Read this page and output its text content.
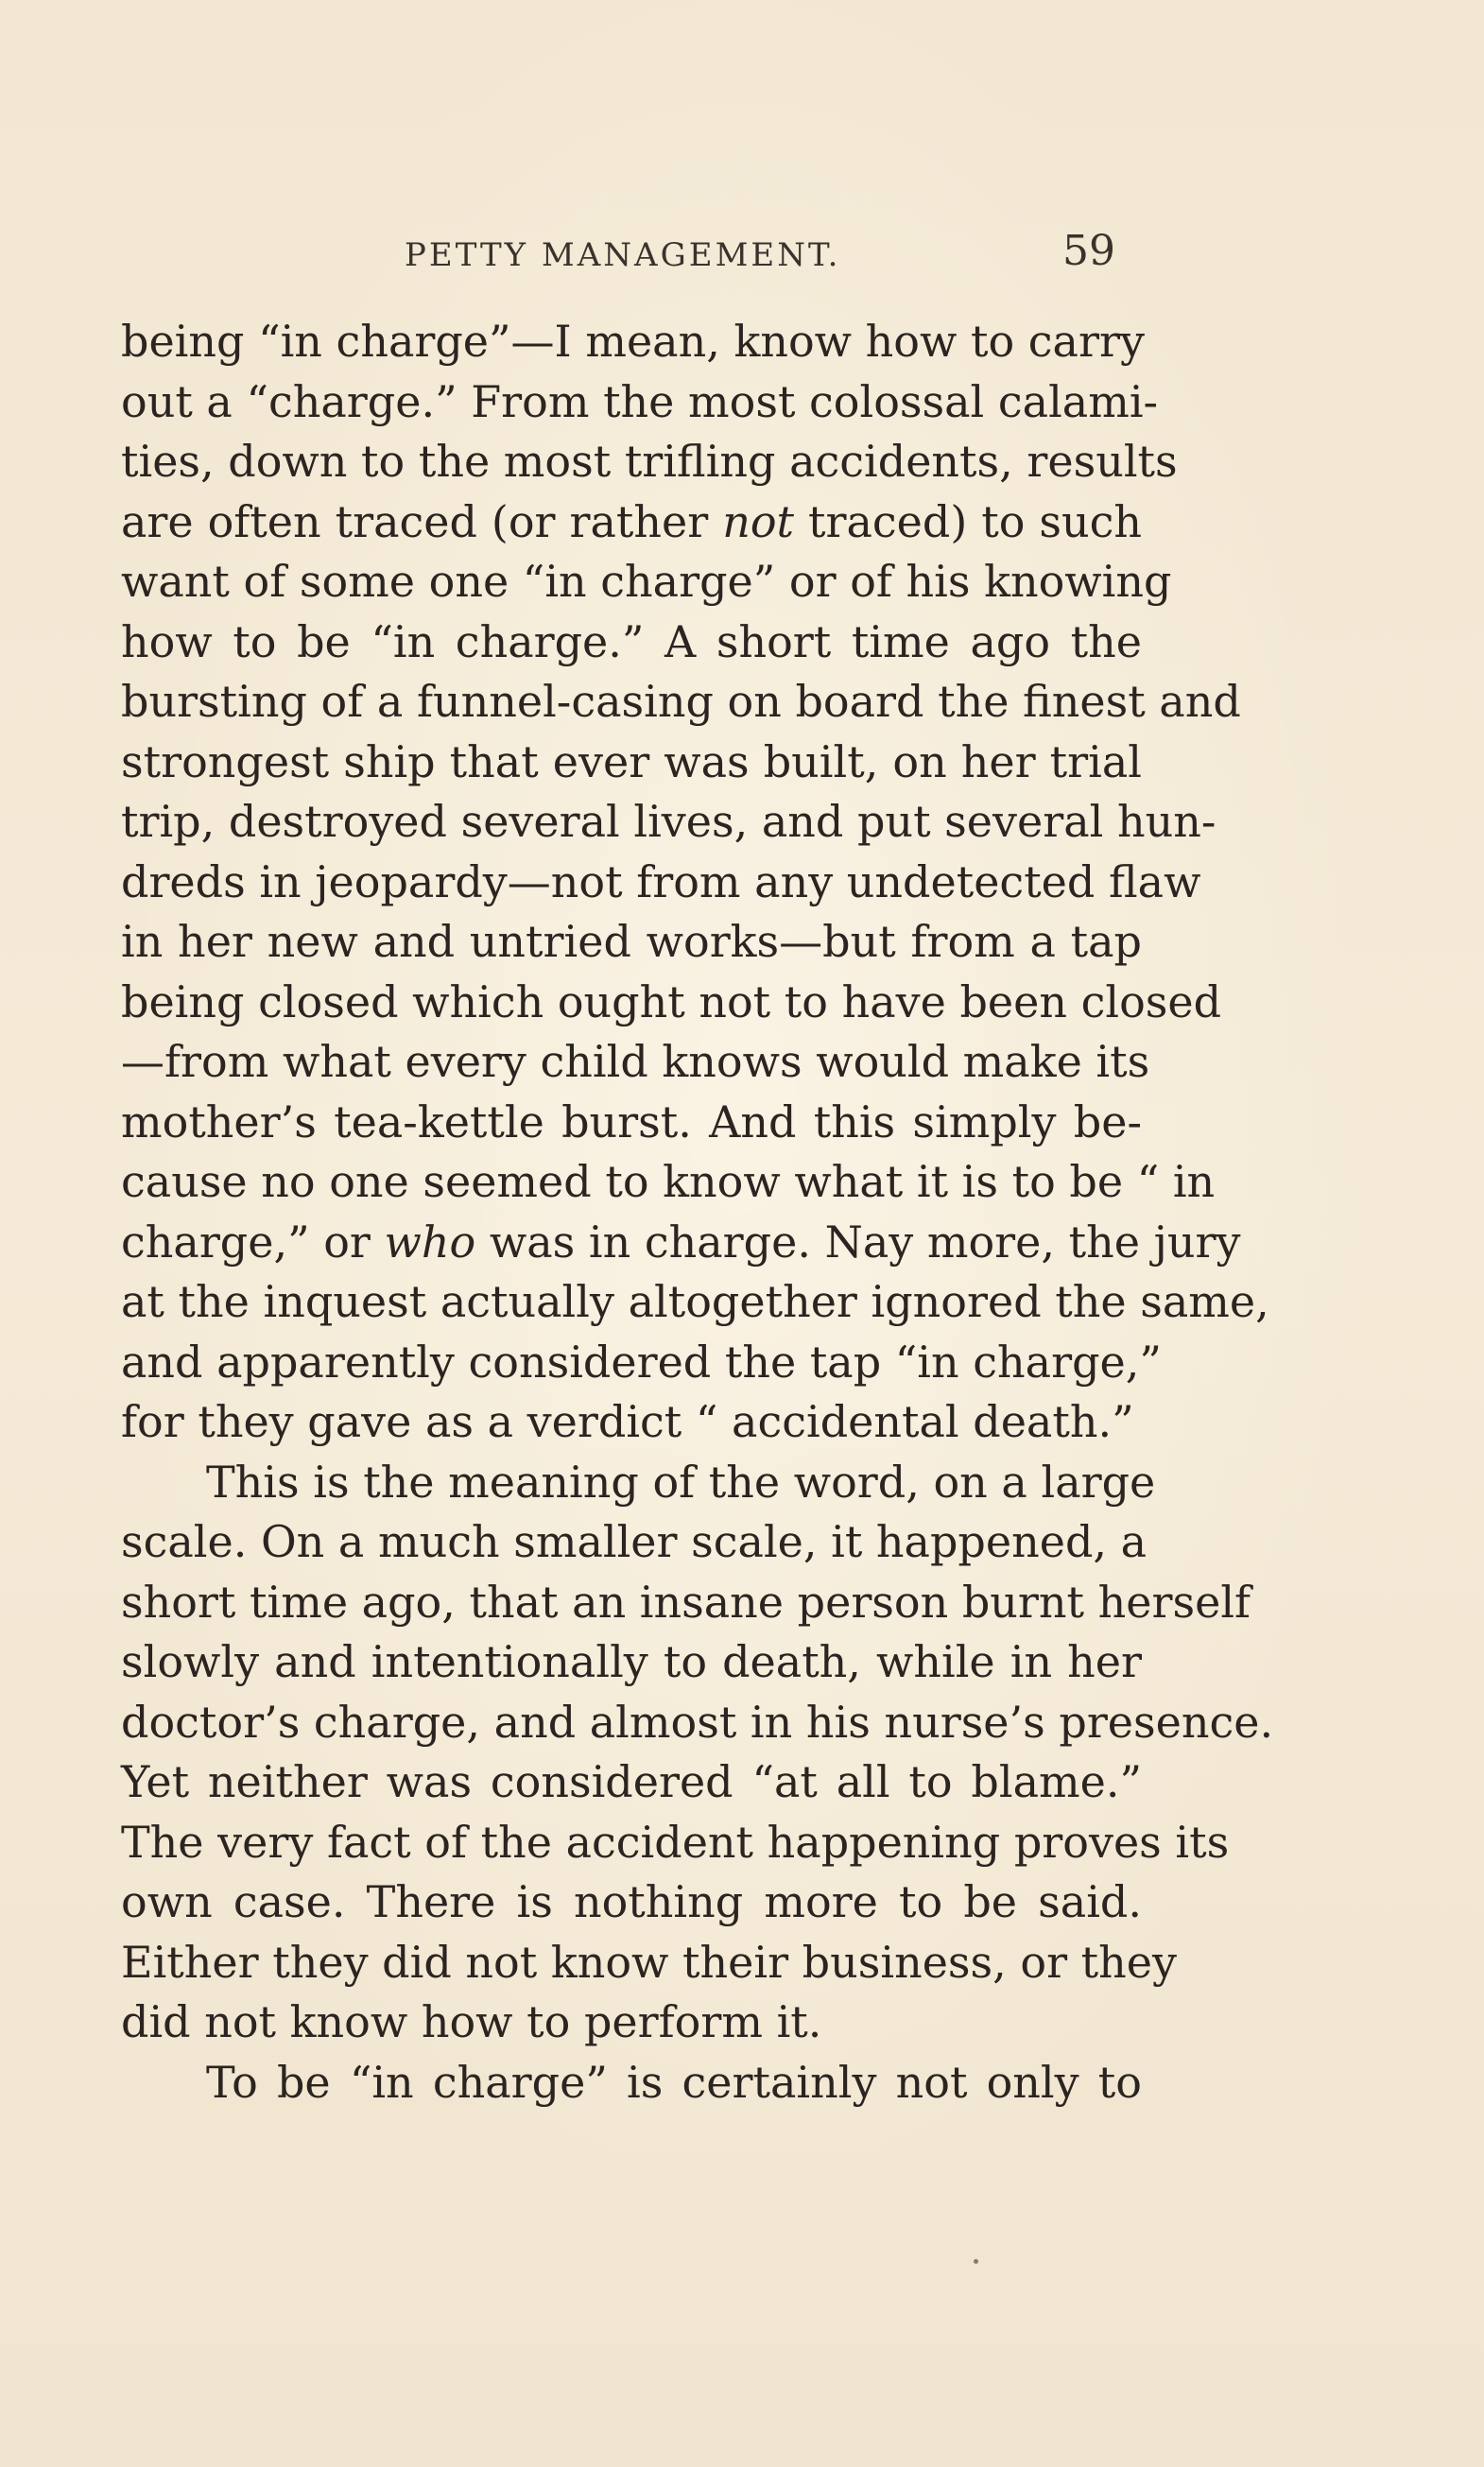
PETTY MANAGEMENT.	59
being “in charge”—I mean, know how to carry
out a “charge.” From the most colossal calami-
ties, down to the most trifling accidents, results
are often traced (or rather not traced) to such
want of some one “in charge” or of his knowing
how to be “in charge.” A short time ago the
bursting of a funnel-casing on board the finest and
strongest ship that ever was built, on her trial
trip, destroyed several lives, and put several hun-
dreds in jeopardy—not from any undetected flaw
in her new and untried works—but from a tap
being closed which ought not to have been closed
—from what every child knows would make its
mother’s tea-kettle burst. And this simply be-
cause no one seemed to know what it is to be “ in
charge,” or who was in charge. Nay more, the jury
at the inquest actually altogether ignored the same,
and apparently considered the tap “in charge,”
for they gave as a verdict “ accidental death.”
This is the meaning of the word, on a large
scale. On a much smaller scale, it happened, a
short time ago, that an insane person burnt herself
slowly and intentionally to death, while in her
doctor’s charge, and almost in his nurse’s presence.
Yet neither was considered “at all to blame.”
The very fact of the accident happening proves its
own case. There is nothing more to be said.
Either they did not know their business, or they
did not know how to perform it.
To be “in charge” is certainly not only to
